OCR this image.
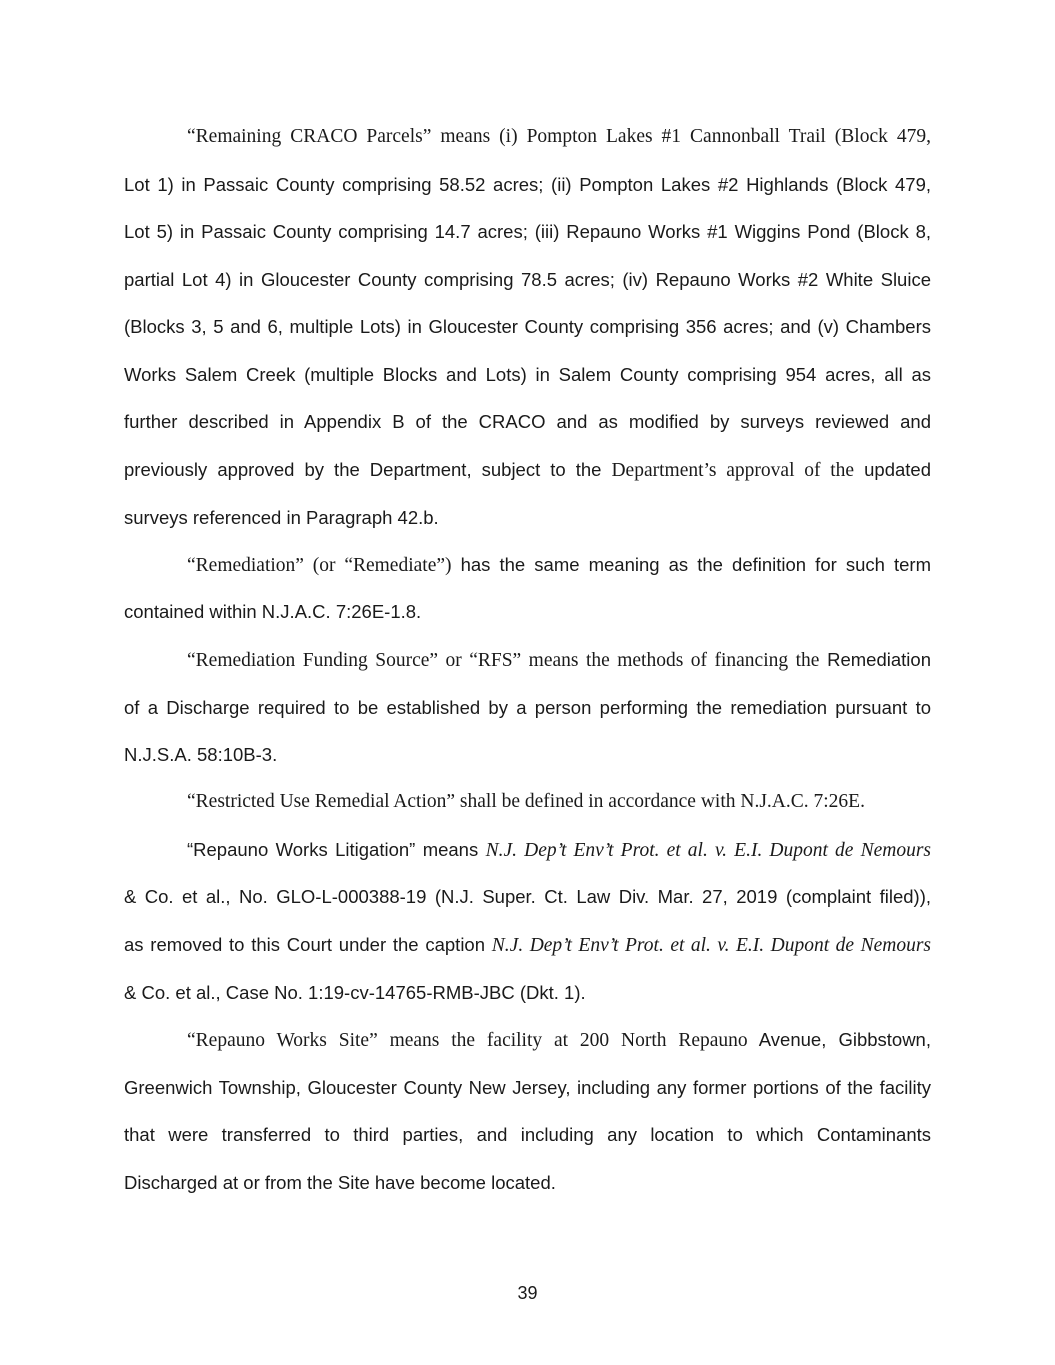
“Remaining CRACO Parcels” means (i) Pompton Lakes #1 Cannonball Trail (Block 479,
Lot 1) in Passaic County comprising 58.52 acres; (ii) Pompton Lakes #2 Highlands (Block 479,
Lot 5) in Passaic County comprising 14.7 acres; (iii) Repauno Works #1 Wiggins Pond (Block 8,
partial Lot 4) in Gloucester County comprising 78.5 acres; (iv) Repauno Works #2 White Sluice
(Blocks 3, 5 and 6, multiple Lots) in Gloucester County comprising 356 acres; and (v) Chambers
Works Salem Creek (multiple Blocks and Lots) in Salem County comprising 954 acres, all as
further described in Appendix B of the CRACO and as modified by surveys reviewed and
previously approved by the Department, subject to the Department’s approval of the updated
surveys referenced in Paragraph 42.b.
“Remediation” (or “Remediate”) has the same meaning as the definition for such term
contained within N.J.A.C. 7:26E-1.8.
“Remediation Funding Source” or “RFS” means the methods of financing the Remediation
of a Discharge required to be established by a person performing the remediation pursuant to
N.J.S.A. 58:10B-3.
“Restricted Use Remedial Action” shall be defined in accordance with N.J.A.C. 7:26E.
“Repauno Works Litigation” means N.J. Dep’t Env’t Prot. et al. v. E.I. Dupont de Nemours
& Co. et al., No. GLO-L-000388-19 (N.J. Super. Ct. Law Div. Mar. 27, 2019 (complaint filed)),
as removed to this Court under the caption N.J. Dep’t Env’t Prot. et al. v. E.I. Dupont de Nemours
& Co. et al., Case No. 1:19-cv-14765-RMB-JBC (Dkt. 1).
“Repauno Works Site” means the facility at 200 North Repauno Avenue, Gibbstown,
Greenwich Township, Gloucester County New Jersey, including any former portions of the facility
that were transferred to third parties, and including any location to which Contaminants
Discharged at or from the Site have become located.
39
